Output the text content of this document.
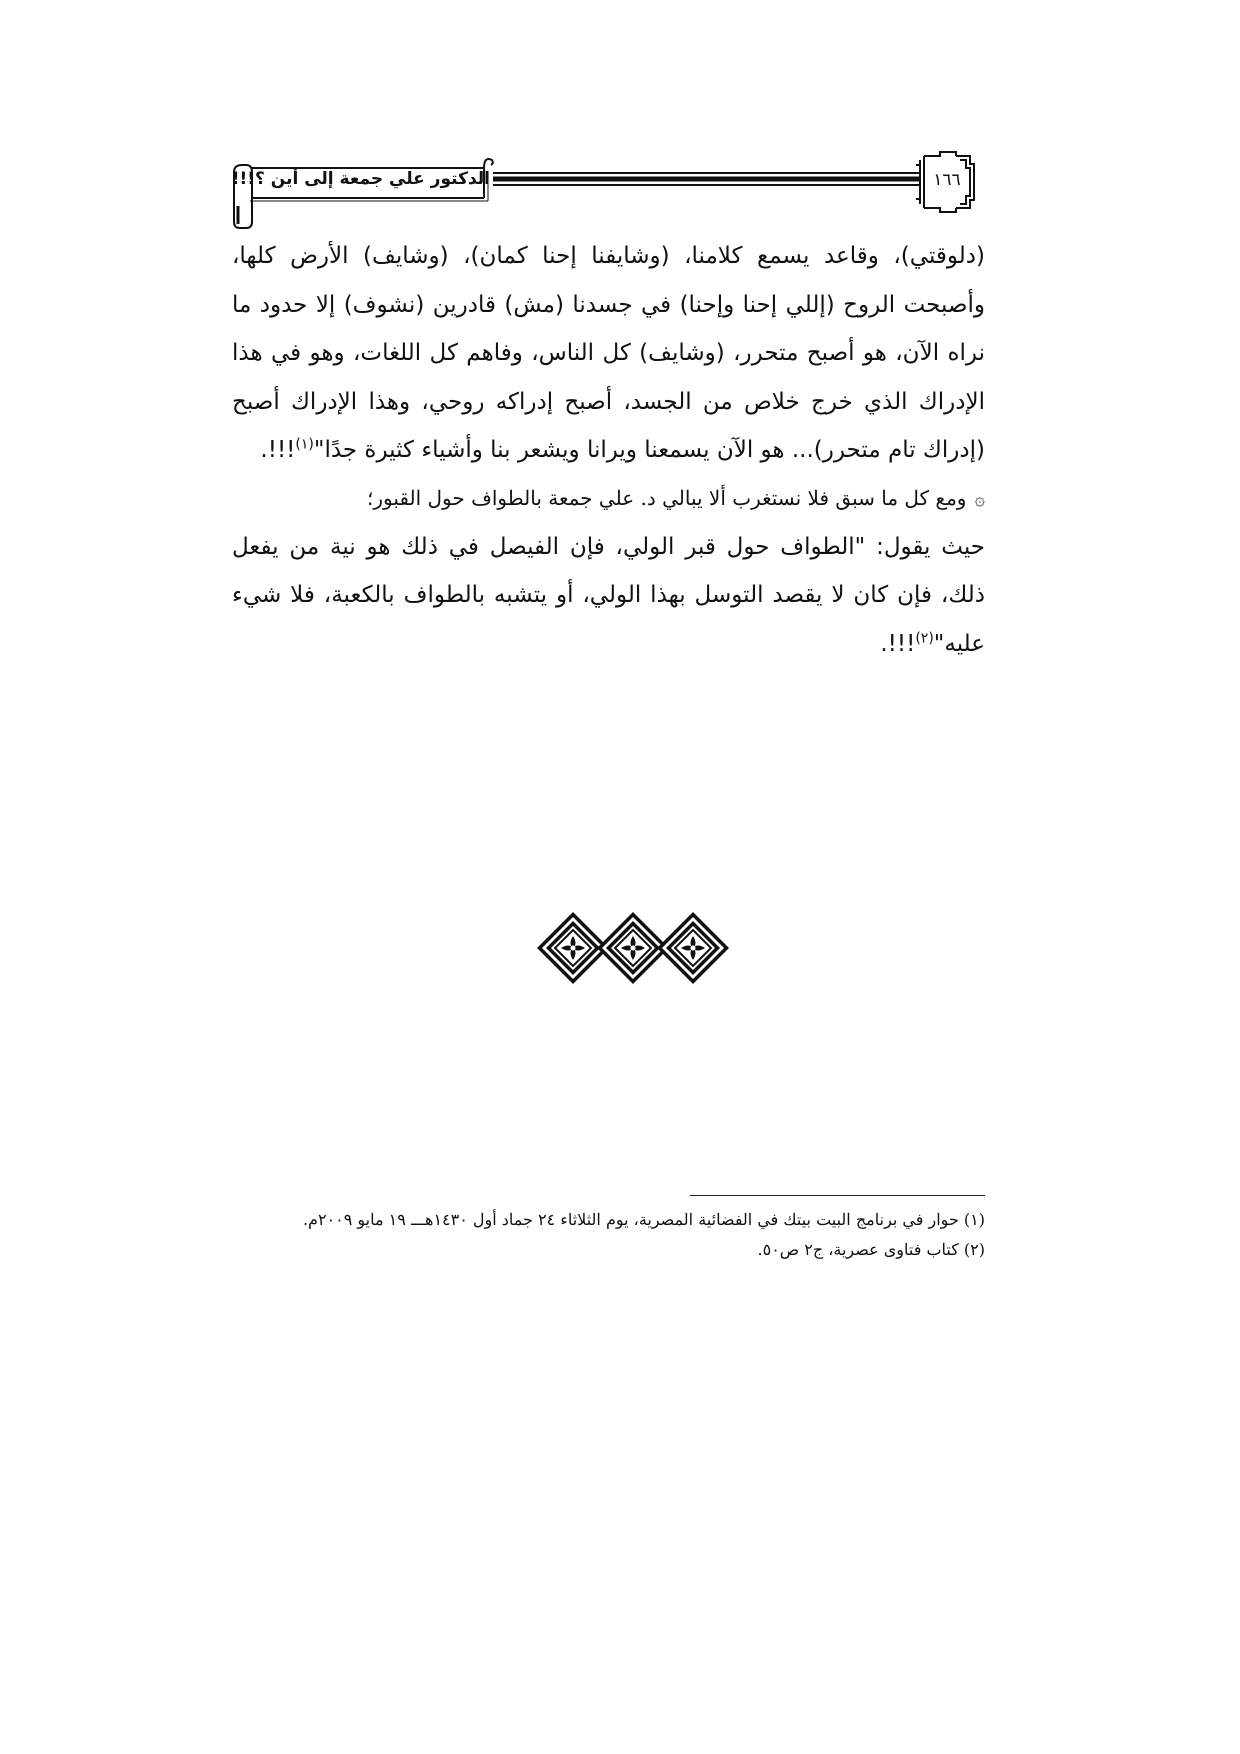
الدكتور علي جمعة إلى أين ؟!!!	١٦٦

(دلوقتي)، وقاعد يسمع كلامنا، (وشايفنا إحنا كمان)، (وشايف) الأرض كلها، وأصبحت الروح (إللي إحنا وإحنا) في جسدنا (مش) قادرين (نشوف) إلا حدود ما نراه الآن، هو أصبح متحرر، (وشايف) كل الناس، وفاهم كل اللغات، وهو في هذا الإدراك الذي خرج خلاص من الجسد، أصبح إدراكه روحي، وهذا الإدراك أصبح (إدراك تام متحرر)... هو الآن يسمعنا ويرانا ويشعر بنا وأشياء كثيرة جدًا"$^{(١)}$!!!.

۞ومع كل ما سبق فلا نستغرب ألا يبالي د. علي جمعة بالطواف حول القبور؛

حيث يقول: "الطواف حول قبر الولي، فإن الفيصل في ذلك هو نية من يفعل ذلك، فإن كان لا يقصد التوسل بهذا الولي، أو يتشبه بالطواف بالكعبة، فلا شيء عليه"$^{(٢)}$!!!.

(١) حوار في برنامج البيت بيتك في الفضائية المصرية، يوم الثلاثاء ٢٤ جماد أول ١٤٣٠هـــ ١٩ مايو ٢٠٠٩م.

(٢) كتاب فتاوى عصرية، ج٢ ص٥٠.
